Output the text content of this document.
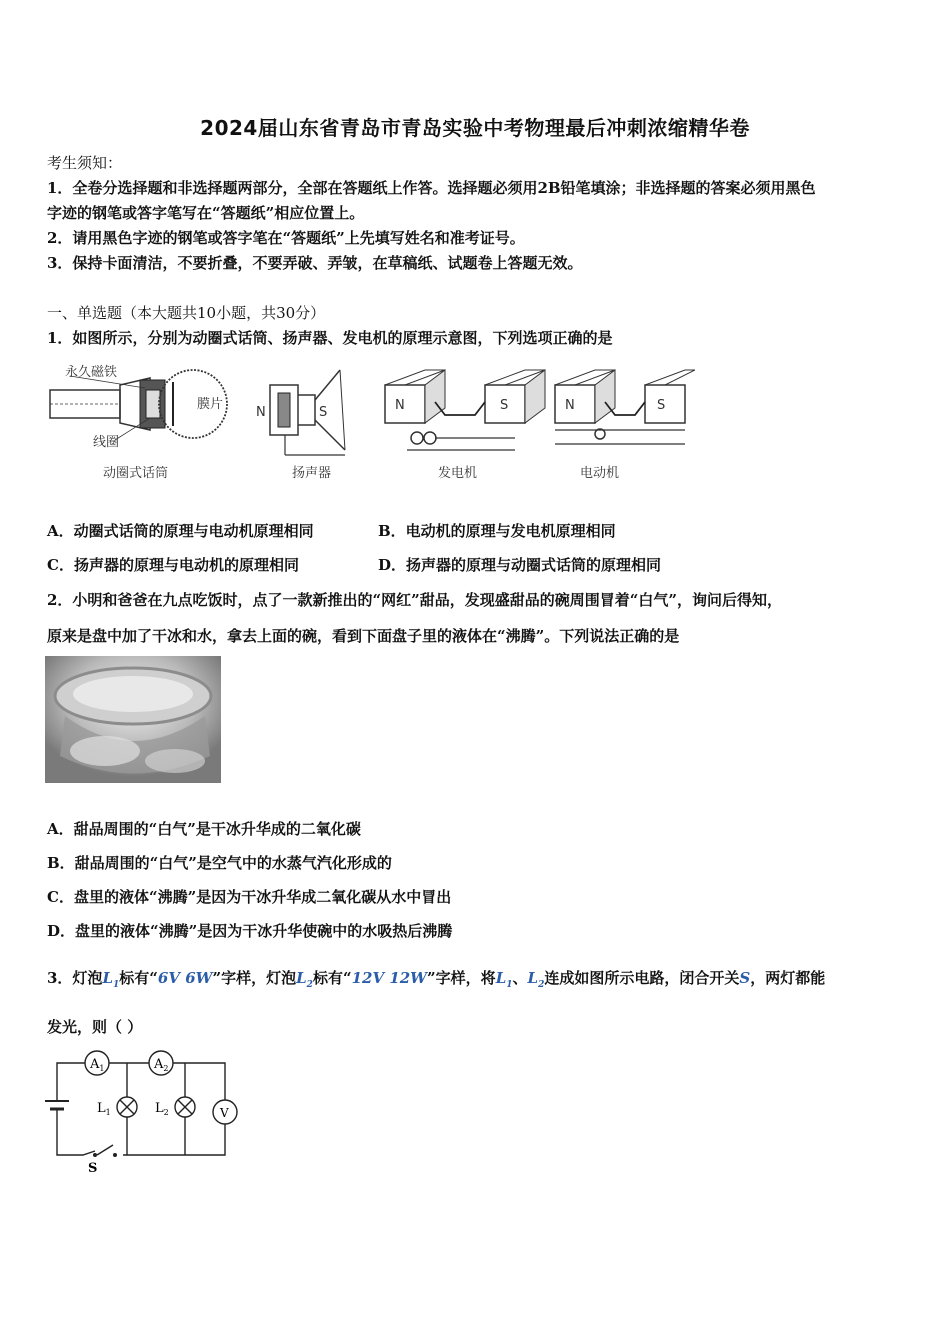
2024届山东省青岛市青岛实验中考物理最后冲刺浓缩精华卷
考生须知：
1．全卷分选择题和非选择题两部分，全部在答题纸上作答。选择题必须用2B铅笔填涂；非选择题的答案必须用黑色
字迹的钢笔或答字笔写在“答题纸”相应位置上。
2．请用黑色字迹的钢笔或答字笔在“答题纸”上先填写姓名和准考证号。
3．保持卡面清洁，不要折叠，不要弄破、弄皱，在草稿纸、试题卷上答题无效。
一、单选题（本大题共10小题，共30分）
1．如图所示，分别为动圈式话筒、扬声器、发电机的原理示意图，下列选项正确的是
永久磁铁
膜片
线圈
动圈式话筒
N	S
扬声器
N	S
发电机
N	S
电动机
A．动圈式话筒的原理与电动机原理相同	B．电动机的原理与发电机原理相同
C．扬声器的原理与电动机的原理相同	D．扬声器的原理与动圈式话筒的原理相同
2．小明和爸爸在九点吃饭时，点了一款新推出的“网红”甜品，发现盛甜品的碗周围冒着“白气”，询问后得知，
原来是盘中加了干冰和水，拿去上面的碗，看到下面盘子里的液体在“沸腾”。下列说法正确的是
A．甜品周围的“白气”是干冰升华成的二氧化碳
B．甜品周围的“白气”是空气中的水蒸气汽化形成的
C．盘里的液体“沸腾”是因为干冰升华成二氧化碳从水中冒出
D．盘里的液体“沸腾”是因为干冰升华使碗中的水吸热后沸腾
3．灯泡$L_1$标有“6V 6W”字样，灯泡$L_2$标有“12V 12W”字样，将$L_1$、$L_2$连成如图所示电路，闭合开关S，两灯都能
发光，则（ ）
$A_1$	$A_2$
$L_1$	$L_2$	V
S
